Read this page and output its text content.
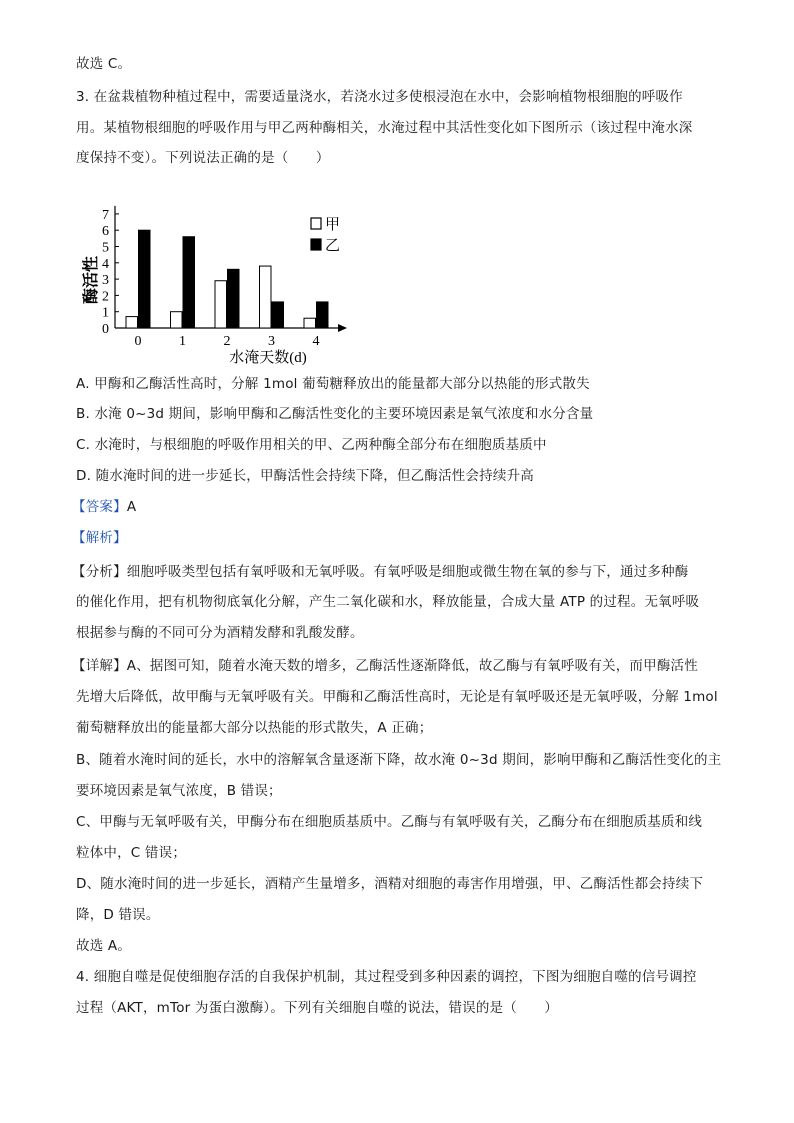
故选 C。
3. 在盆栽植物种植过程中，需要适量浇水，若浇水过多使根浸泡在水中，会影响植物根细胞的呼吸作
用。某植物根细胞的呼吸作用与甲乙两种酶相关，水淹过程中其活性变化如下图所示（该过程中淹水深
度保持不变）。下列说法正确的是（　　）
A. 甲酶和乙酶活性高时，分解 1mol 葡萄糖释放出的能量都大部分以热能的形式散失
B. 水淹 0~3d 期间，影响甲酶和乙酶活性变化的主要环境因素是氧气浓度和水分含量
C. 水淹时，与根细胞的呼吸作用相关的甲、乙两种酶全部分布在细胞质基质中
D. 随水淹时间的进一步延长，甲酶活性会持续下降，但乙酶活性会持续升高
【答案】A
【解析】
【分析】细胞呼吸类型包括有氧呼吸和无氧呼吸。有氧呼吸是细胞或微生物在氧的参与下，通过多种酶
的催化作用，把有机物彻底氧化分解，产生二氧化碳和水，释放能量，合成大量 ATP 的过程。无氧呼吸
根据参与酶的不同可分为酒精发酵和乳酸发酵。
【详解】A、据图可知，随着水淹天数的增多，乙酶活性逐渐降低，故乙酶与有氧呼吸有关，而甲酶活性
先增大后降低，故甲酶与无氧呼吸有关。甲酶和乙酶活性高时，无论是有氧呼吸还是无氧呼吸，分解 1mol
葡萄糖释放出的能量都大部分以热能的形式散失，A 正确；
B、随着水淹时间的延长，水中的溶解氧含量逐渐下降，故水淹 0~3d 期间，影响甲酶和乙酶活性变化的主
要环境因素是氧气浓度，B 错误；
C、甲酶与无氧呼吸有关，甲酶分布在细胞质基质中。乙酶与有氧呼吸有关，乙酶分布在细胞质基质和线
粒体中，C 错误；
D、随水淹时间的进一步延长，酒精产生量增多，酒精对细胞的毒害作用增强，甲、乙酶活性都会持续下
降，D 错误。
故选 A。
4. 细胞自噬是促使细胞存活的自我保护机制，其过程受到多种因素的调控，下图为细胞自噬的信号调控
过程（AKT，mTor 为蛋白激酶）。下列有关细胞自噬的说法，错误的是（　　）
0
1
2
3
4
5
6
7
0	1	2	3	4
甲
乙
酶活性
水淹天数(d)
